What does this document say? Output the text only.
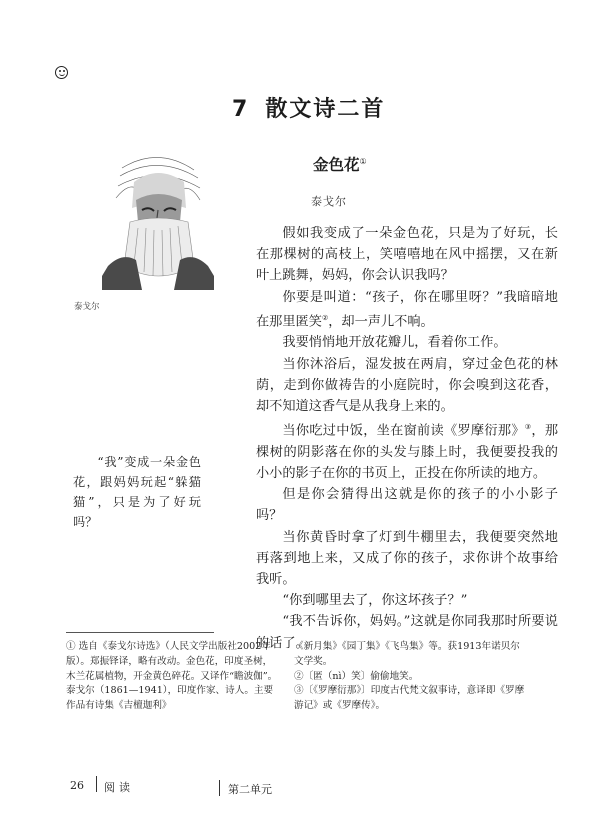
7 散文诗二首
泰戈尔
金色花①
泰戈尔

假如我变成了一朵金色花，只是为了好玩，长在那棵树的高枝上，笑嘻嘻地在风中摇摆，又在新叶上跳舞，妈妈，你会认识我吗？

你要是叫道：“孩子，你在哪里呀？”我暗暗地在那里匿笑②，却一声儿不响。

我要悄悄地开放花瓣儿，看着你工作。

当你沐浴后，湿发披在两肩，穿过金色花的林荫，走到你做祷告的小庭院时，你会嗅到这花香，却不知道这香气是从我身上来的。

当你吃过中饭，坐在窗前读《罗摩衍那》③，那棵树的阴影落在你的头发与膝上时，我便要投我的小小的影子在你的书页上，正投在你所读的地方。

但是你会猜得出这就是你的孩子的小小影子吗？

当你黄昏时拿了灯到牛棚里去，我便要突然地再落到地上来，又成了你的孩子，求你讲个故事给我听。

“你到哪里去了，你这坏孩子？”

“我不告诉你，妈妈。”这就是你同我那时所要说的话了。

“我”变成一朵金色花，跟妈妈玩起“躲猫猫”，只是为了好玩吗？

① 选自《泰戈尔诗选》（人民文学出版社2002年版）。郑振铎译，略有改动。金色花，印度圣树，木兰花属植物，开金黄色碎花。又译作“瞻波伽”。泰戈尔（1861—1941），印度作家、诗人。主要作品有诗集《吉檀迦利》

《新月集》《园丁集》《飞鸟集》等。获1913年诺贝尔文学奖。

②〔匿（nì）笑〕偷偷地笑。

③〔《罗摩衍那》〕印度古代梵文叙事诗，意译即《罗摩游记》或《罗摩传》。

26 阅读	第二单元
